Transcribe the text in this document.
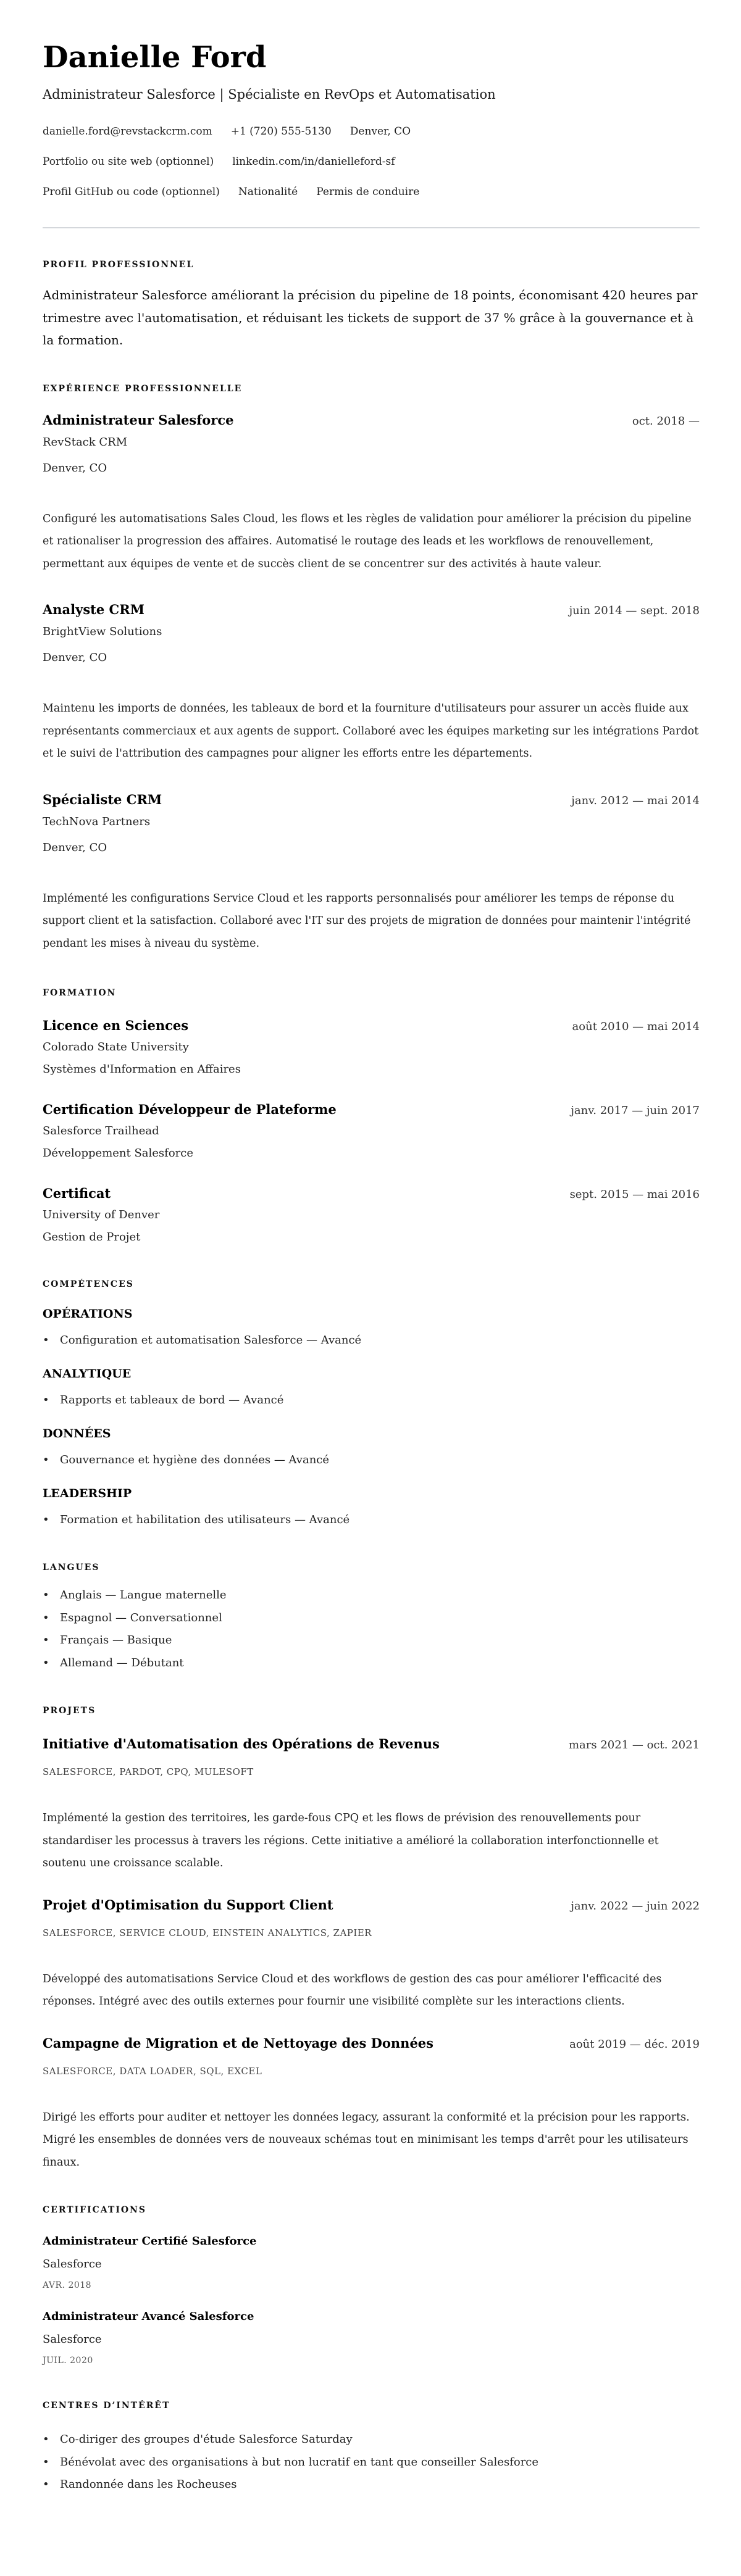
Danielle Ford
Administrateur Salesforce | Spécialiste en RevOps et Automatisation
danielle.ford@revstackcrm.com +1 (720) 555-5130 Denver, CO
Portfolio ou site web (optionnel) linkedin.com/in/danielleford-sf
Profil GitHub ou code (optionnel) Nationalité Permis de conduire
PROFIL PROFESSIONNEL

Administrateur Salesforce améliorant la précision du pipeline de 18 points, économisant 420 heures par trimestre avec l'automatisation, et réduisant les tickets de support de 37 % grâce à la gouvernance et à la formation.

EXPÉRIENCE PROFESSIONNELLE
Administrateur Salesforce	oct. 2018 —
RevStack CRM
Denver, CO

Configuré les automatisations Sales Cloud, les flows et les règles de validation pour améliorer la précision du pipeline et rationaliser la progression des affaires. Automatisé le routage des leads et les workflows de renouvellement, permettant aux équipes de vente et de succès client de se concentrer sur des activités à haute valeur.

Analyste CRM	juin 2014 — sept. 2018
BrightView Solutions
Denver, CO

Maintenu les imports de données, les tableaux de bord et la fourniture d'utilisateurs pour assurer un accès fluide aux représentants commerciaux et aux agents de support. Collaboré avec les équipes marketing sur les intégrations Pardot et le suivi de l'attribution des campagnes pour aligner les efforts entre les départements.

Spécialiste CRM	janv. 2012 — mai 2014
TechNova Partners
Denver, CO

Implémenté les configurations Service Cloud et les rapports personnalisés pour améliorer les temps de réponse du support client et la satisfaction. Collaboré avec l'IT sur des projets de migration de données pour maintenir l'intégrité pendant les mises à niveau du système.

FORMATION
Licence en Sciences	août 2010 — mai 2014
Colorado State University
Systèmes d'Information en Affaires
Certification Développeur de Plateforme	janv. 2017 — juin 2017
Salesforce Trailhead
Développement Salesforce
Certificat	sept. 2015 — mai 2016
University of Denver
Gestion de Projet
COMPÉTENCES
OPÉRATIONS
• Configuration et automatisation Salesforce — Avancé
ANALYTIQUE
• Rapports et tableaux de bord — Avancé
DONNÉES
• Gouvernance et hygiène des données — Avancé
LEADERSHIP
• Formation et habilitation des utilisateurs — Avancé
LANGUES
• Anglais — Langue maternelle
• Espagnol — Conversationnel
• Français — Basique
• Allemand — Débutant
PROJETS
Initiative d'Automatisation des Opérations de Revenus	mars 2021 — oct. 2021
SALESFORCE, PARDOT, CPQ, MULESOFT

Implémenté la gestion des territoires, les garde-fous CPQ et les flows de prévision des renouvellements pour standardiser les processus à travers les régions. Cette initiative a amélioré la collaboration interfonctionnelle et soutenu une croissance scalable.

Projet d'Optimisation du Support Client	janv. 2022 — juin 2022
SALESFORCE, SERVICE CLOUD, EINSTEIN ANALYTICS, ZAPIER

Développé des automatisations Service Cloud et des workflows de gestion des cas pour améliorer l'efficacité des réponses. Intégré avec des outils externes pour fournir une visibilité complète sur les interactions clients.

Campagne de Migration et de Nettoyage des Données	août 2019 — déc. 2019
SALESFORCE, DATA LOADER, SQL, EXCEL

Dirigé les efforts pour auditer et nettoyer les données legacy, assurant la conformité et la précision pour les rapports. Migré les ensembles de données vers de nouveaux schémas tout en minimisant les temps d'arrêt pour les utilisateurs finaux.

CERTIFICATIONS
Administrateur Certifié Salesforce
Salesforce
AVR. 2018
Administrateur Avancé Salesforce
Salesforce
JUIL. 2020
CENTRES D’INTÉRÊT
• Co-diriger des groupes d'étude Salesforce Saturday
• Bénévolat avec des organisations à but non lucratif en tant que conseiller Salesforce
• Randonnée dans les Rocheuses
